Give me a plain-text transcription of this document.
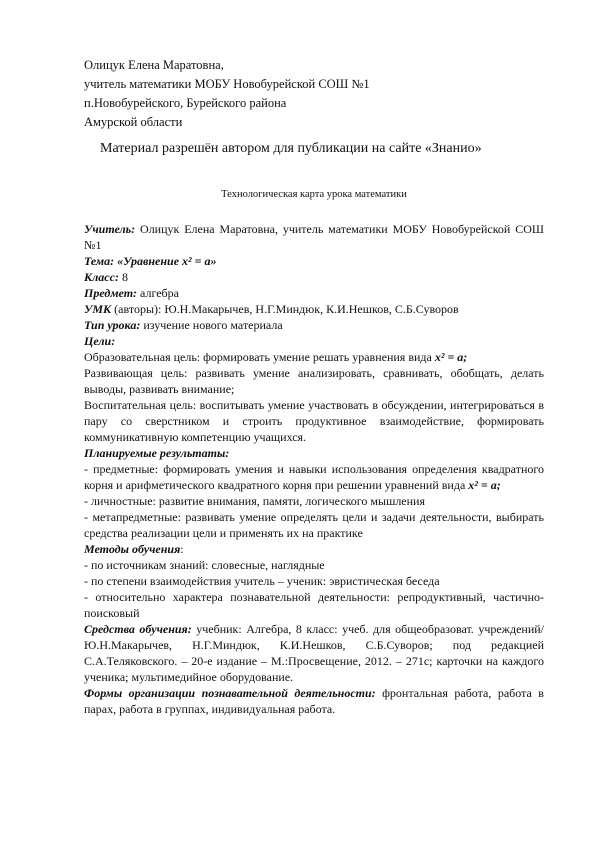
Олицук Елена Маратовна,

учитель математики МОБУ Новобурейской СОШ №1

п.Новобурейского, Бурейского района

Амурской области

Материал разрешён автором для публикации на сайте «Знанио»
Технологическая карта урока математики

Учитель: Олицук Елена Маратовна, учитель математики МОБУ Новобурейской СОШ №1

Тема: «Уравнение x² = a»

Класс: 8

Предмет: алгебра

УМК (авторы): Ю.Н.Макарычев, Н.Г.Миндюк, К.И.Нешков, С.Б.Суворов

Тип урока: изучение нового материала

Цели:

Образовательная цель: формировать умение решать уравнения вида x² = a;

Развивающая цель: развивать умение анализировать, сравнивать, обобщать, делать выводы, развивать внимание;

Воспитательная цель: воспитывать умение участвовать в обсуждении, интегрироваться в пару со сверстником и строить продуктивное взаимодействие, формировать коммуникативную компетенцию учащихся.

Планируемые результаты:

- предметные: формировать умения и навыки использования определения квадратного корня и арифметического квадратного корня при решении уравнений вида x² = a;

- личностные: развитие внимания, памяти, логического мышления

- метапредметные: развивать умение определять цели и задачи деятельности, выбирать средства реализации цели и применять их на практике

Методы обучения:

- по источникам знаний: словесные, наглядные

- по степени взаимодействия учитель – ученик: эвристическая беседа

- относительно характера познавательной деятельности: репродуктивный, частично-поисковый

Средства обучения: учебник: Алгебра, 8 класс: учеб. для общеобразоват. учреждений/Ю.Н.Макарычев, Н.Г.Миндюк, К.И.Нешков, С.Б.Суворов; под редакцией С.А.Теляковского. – 20-е издание – М.:Просвещение, 2012. – 271с; карточки на каждого ученика; мультимедийное оборудование.

Формы организации познавательной деятельности: фронтальная работа, работа в парах, работа в группах, индивидуальная работа.
